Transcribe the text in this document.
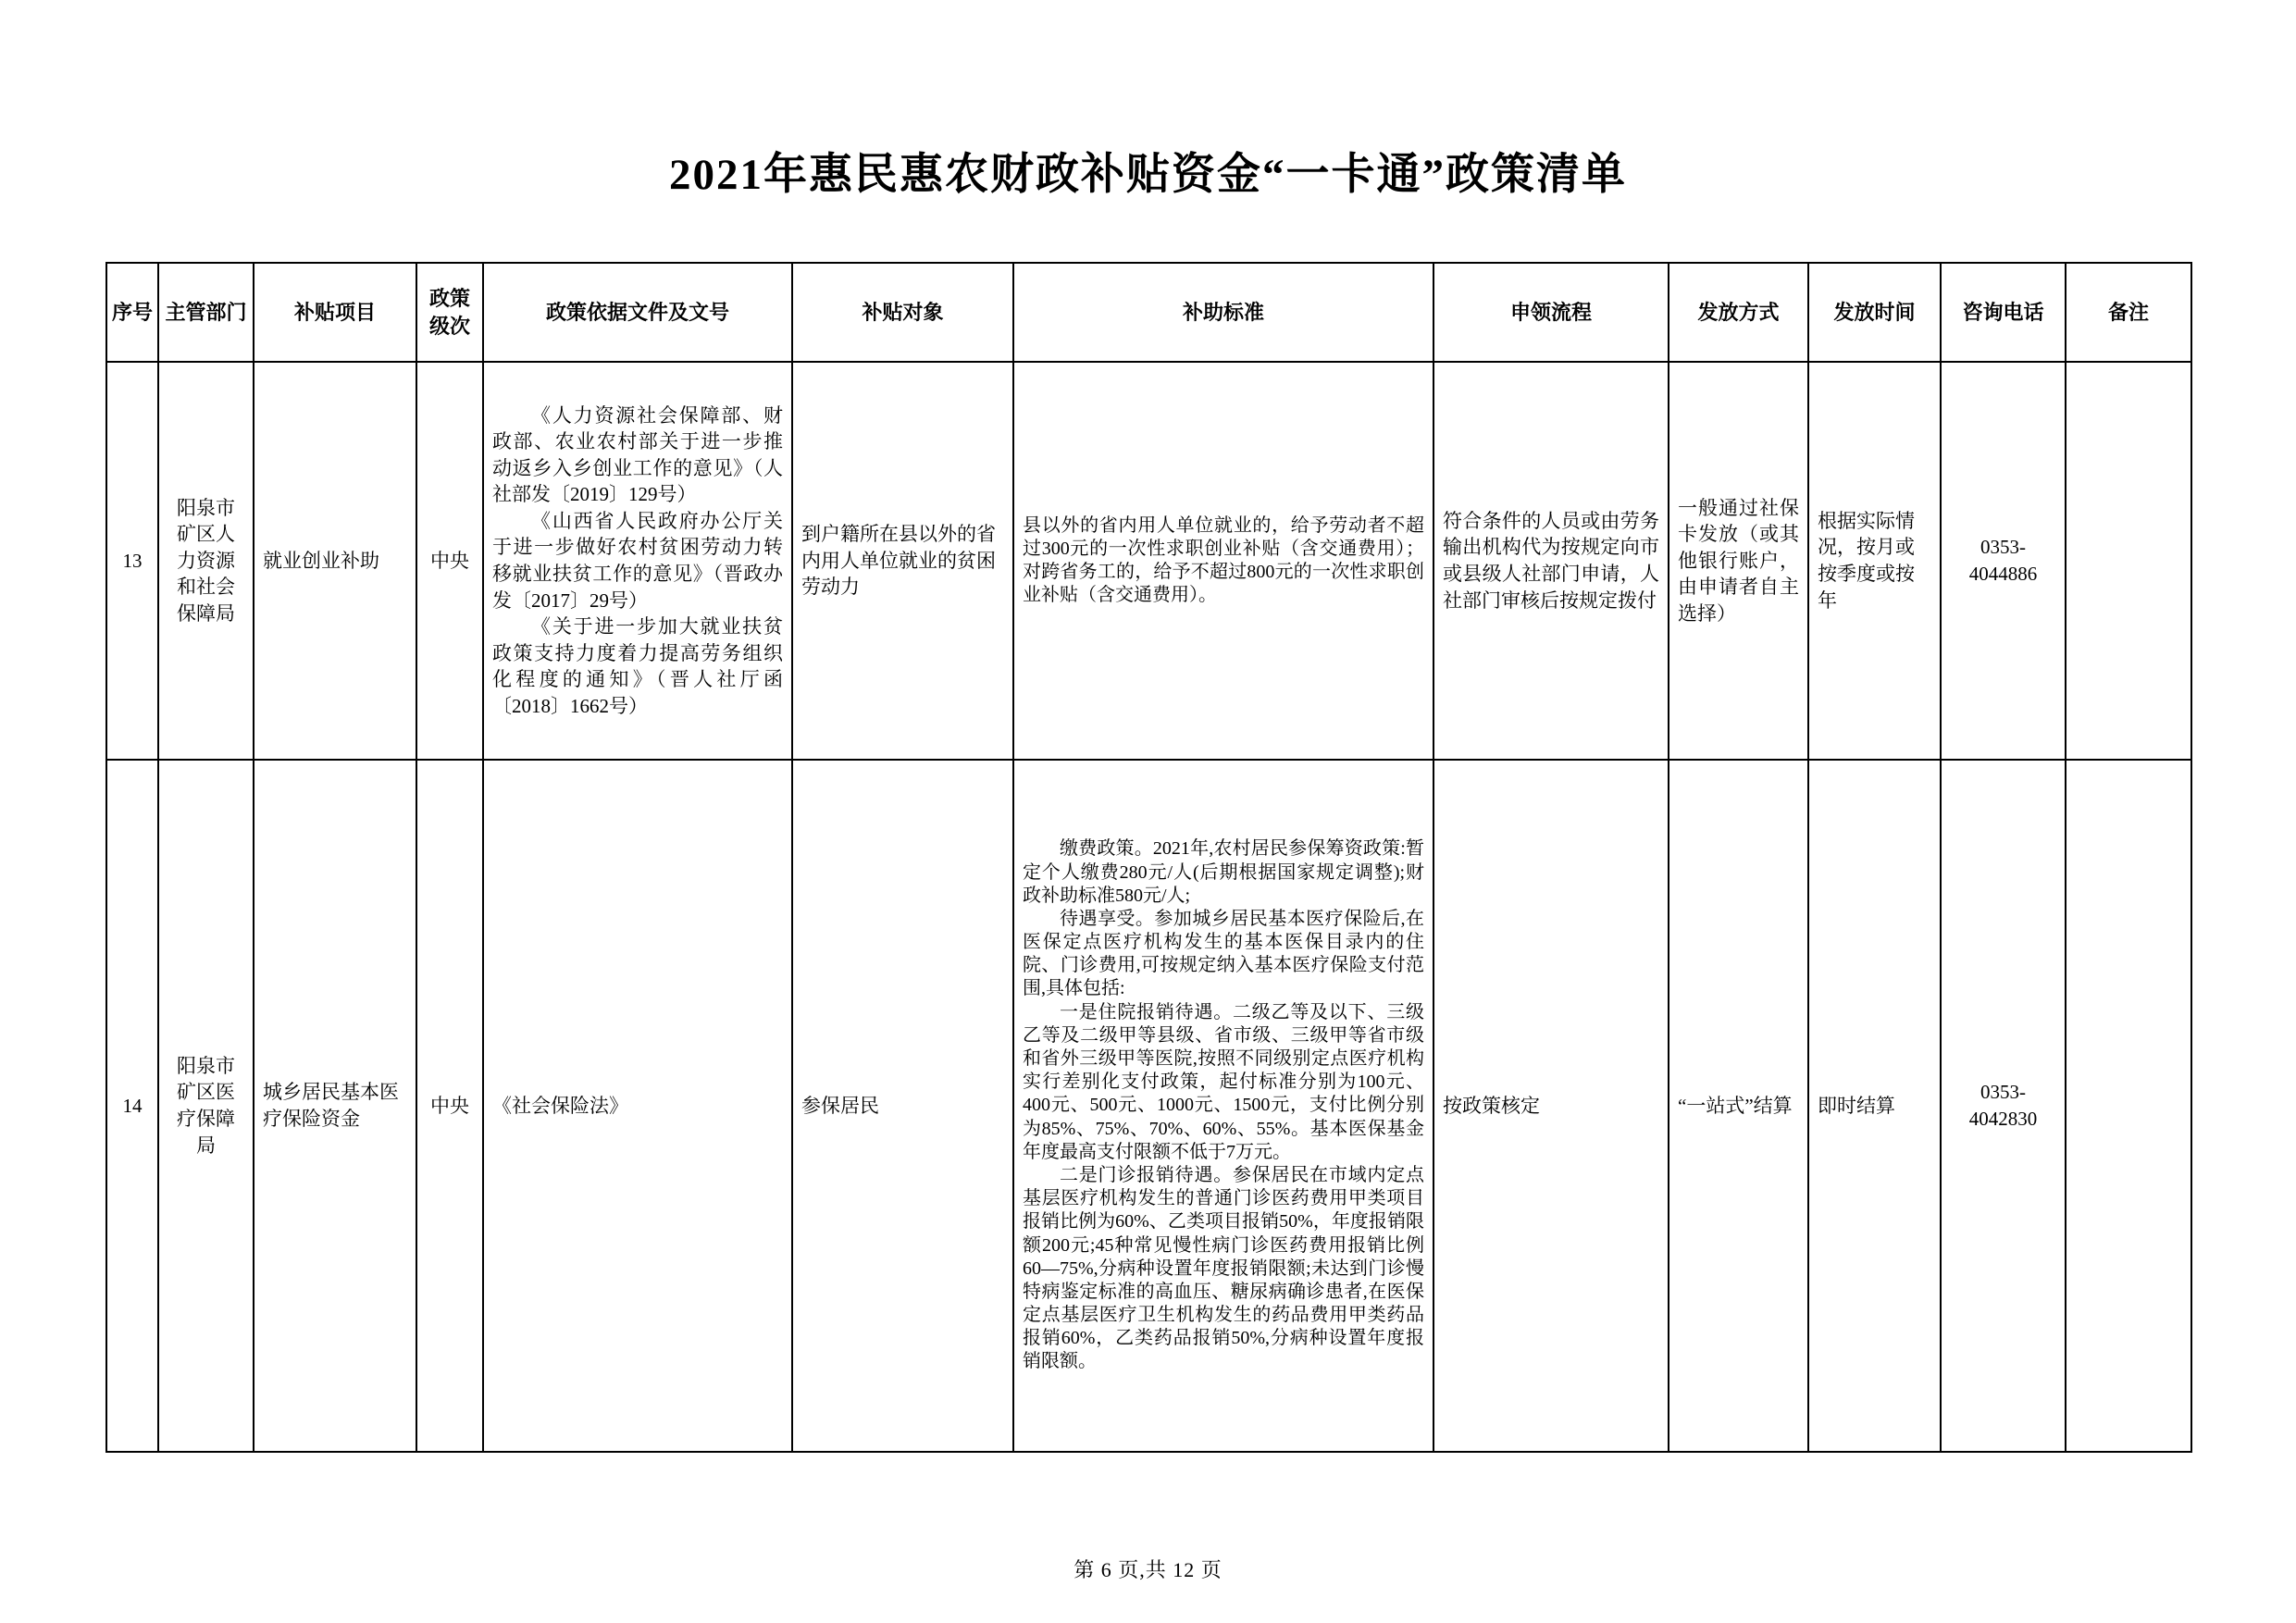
2021年惠民惠农财政补贴资金“一卡通”政策清单
序号	主管部门	补贴项目	政策级次	政策依据文件及文号	补贴对象	补助标准	申领流程	发放方式	发放时间	咨询电话	备注
13	阳泉市矿区人力资源和社会保障局	就业创业补助	中央	《人力资源社会保障部、财政部、农业农村部关于进一步推动返乡入乡创业工作的意见》（人社部发〔2019〕129号）
《山西省人民政府办公厅关于进一步做好农村贫困劳动力转移就业扶贫工作的意见》（晋政办发〔2017〕29号）
《关于进一步加大就业扶贫政策支持力度着力提高劳务组织化程度的通知》（晋人社厅函〔2018〕1662号）	到户籍所在县以外的省内用人单位就业的贫困劳动力	县以外的省内用人单位就业的，给予劳动者不超过300元的一次性求职创业补贴（含交通费用）；对跨省务工的，给予不超过800元的一次性求职创业补贴（含交通费用）。	符合条件的人员或由劳务输出机构代为按规定向市或县级人社部门申请，人社部门审核后按规定拨付	一般通过社保卡发放（或其他银行账户，由申请者自主选择）	根据实际情况，按月或按季度或按年	0353-4044886	
14	阳泉市矿区医疗保障局	城乡居民基本医疗保险资金	中央	《社会保险法》	参保居民	缴费政策。2021年,农村居民参保筹资政策:暂定个人缴费280元/人(后期根据国家规定调整);财政补助标准580元/人;
待遇享受。参加城乡居民基本医疗保险后,在医保定点医疗机构发生的基本医保目录内的住院、门诊费用,可按规定纳入基本医疗保险支付范围,具体包括:
一是住院报销待遇。二级乙等及以下、三级乙等及二级甲等县级、省市级、三级甲等省市级和省外三级甲等医院,按照不同级别定点医疗机构实行差别化支付政策，起付标准分别为100元、400元、500元、1000元、1500元，支付比例分别为85%、75%、70%、60%、55%。基本医保基金年度最高支付限额不低于7万元。
二是门诊报销待遇。参保居民在市域内定点基层医疗机构发生的普通门诊医药费用甲类项目报销比例为60%、乙类项目报销50%，年度报销限额200元;45种常见慢性病门诊医药费用报销比例60—75%,分病种设置年度报销限额;未达到门诊慢特病鉴定标准的高血压、糖尿病确诊患者,在医保定点基层医疗卫生机构发生的药品费用甲类药品报销60%，乙类药品报销50%,分病种设置年度报销限额。	按政策核定	“一站式”结算	即时结算	0353-4042830	
第 6 页,共 12 页
